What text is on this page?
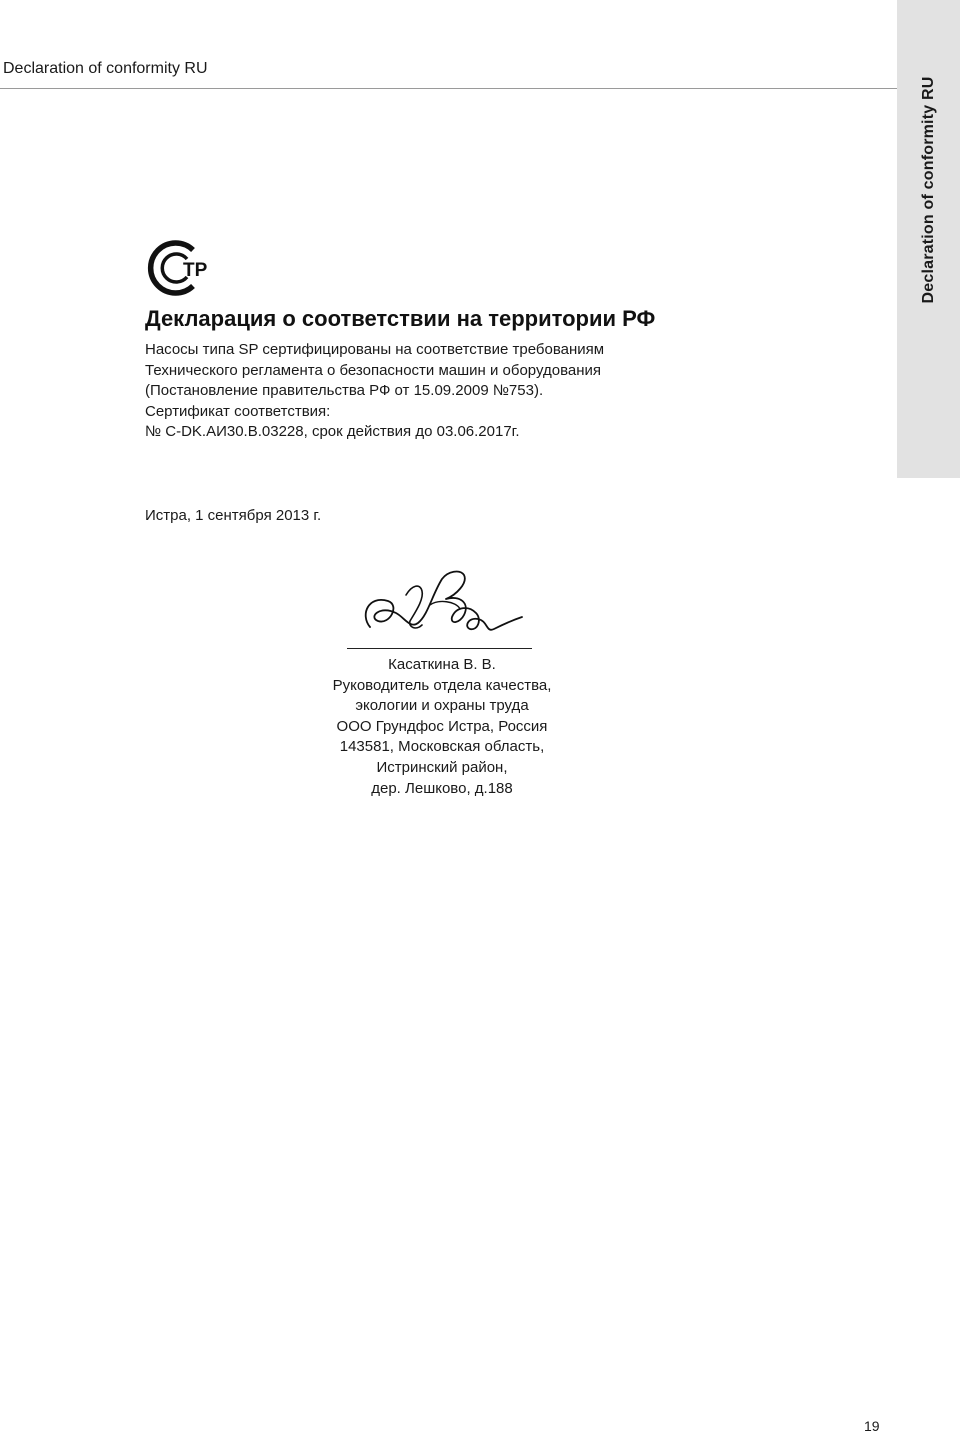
Declaration of conformity RU
Declaration of conformity RU
TP
Декларация о соответствии на территории РФ
Насосы типа SP сертифицированы на соответствие требованиям
Технического регламента о безопасности машин и оборудования
(Постановление правительства РФ от 15.09.2009 №753).
Сертификат соответствия:
№ C-DK.АИ30.В.03228, срок действия до 03.06.2017г.
Истра, 1 сентября 2013 г.
Касаткина В. В.
Руководитель отдела качества,
экологии и охраны труда
ООО Грундфос Истра, Россия
143581, Московская область,
Истринский район,
дер. Лешково, д.188
19
